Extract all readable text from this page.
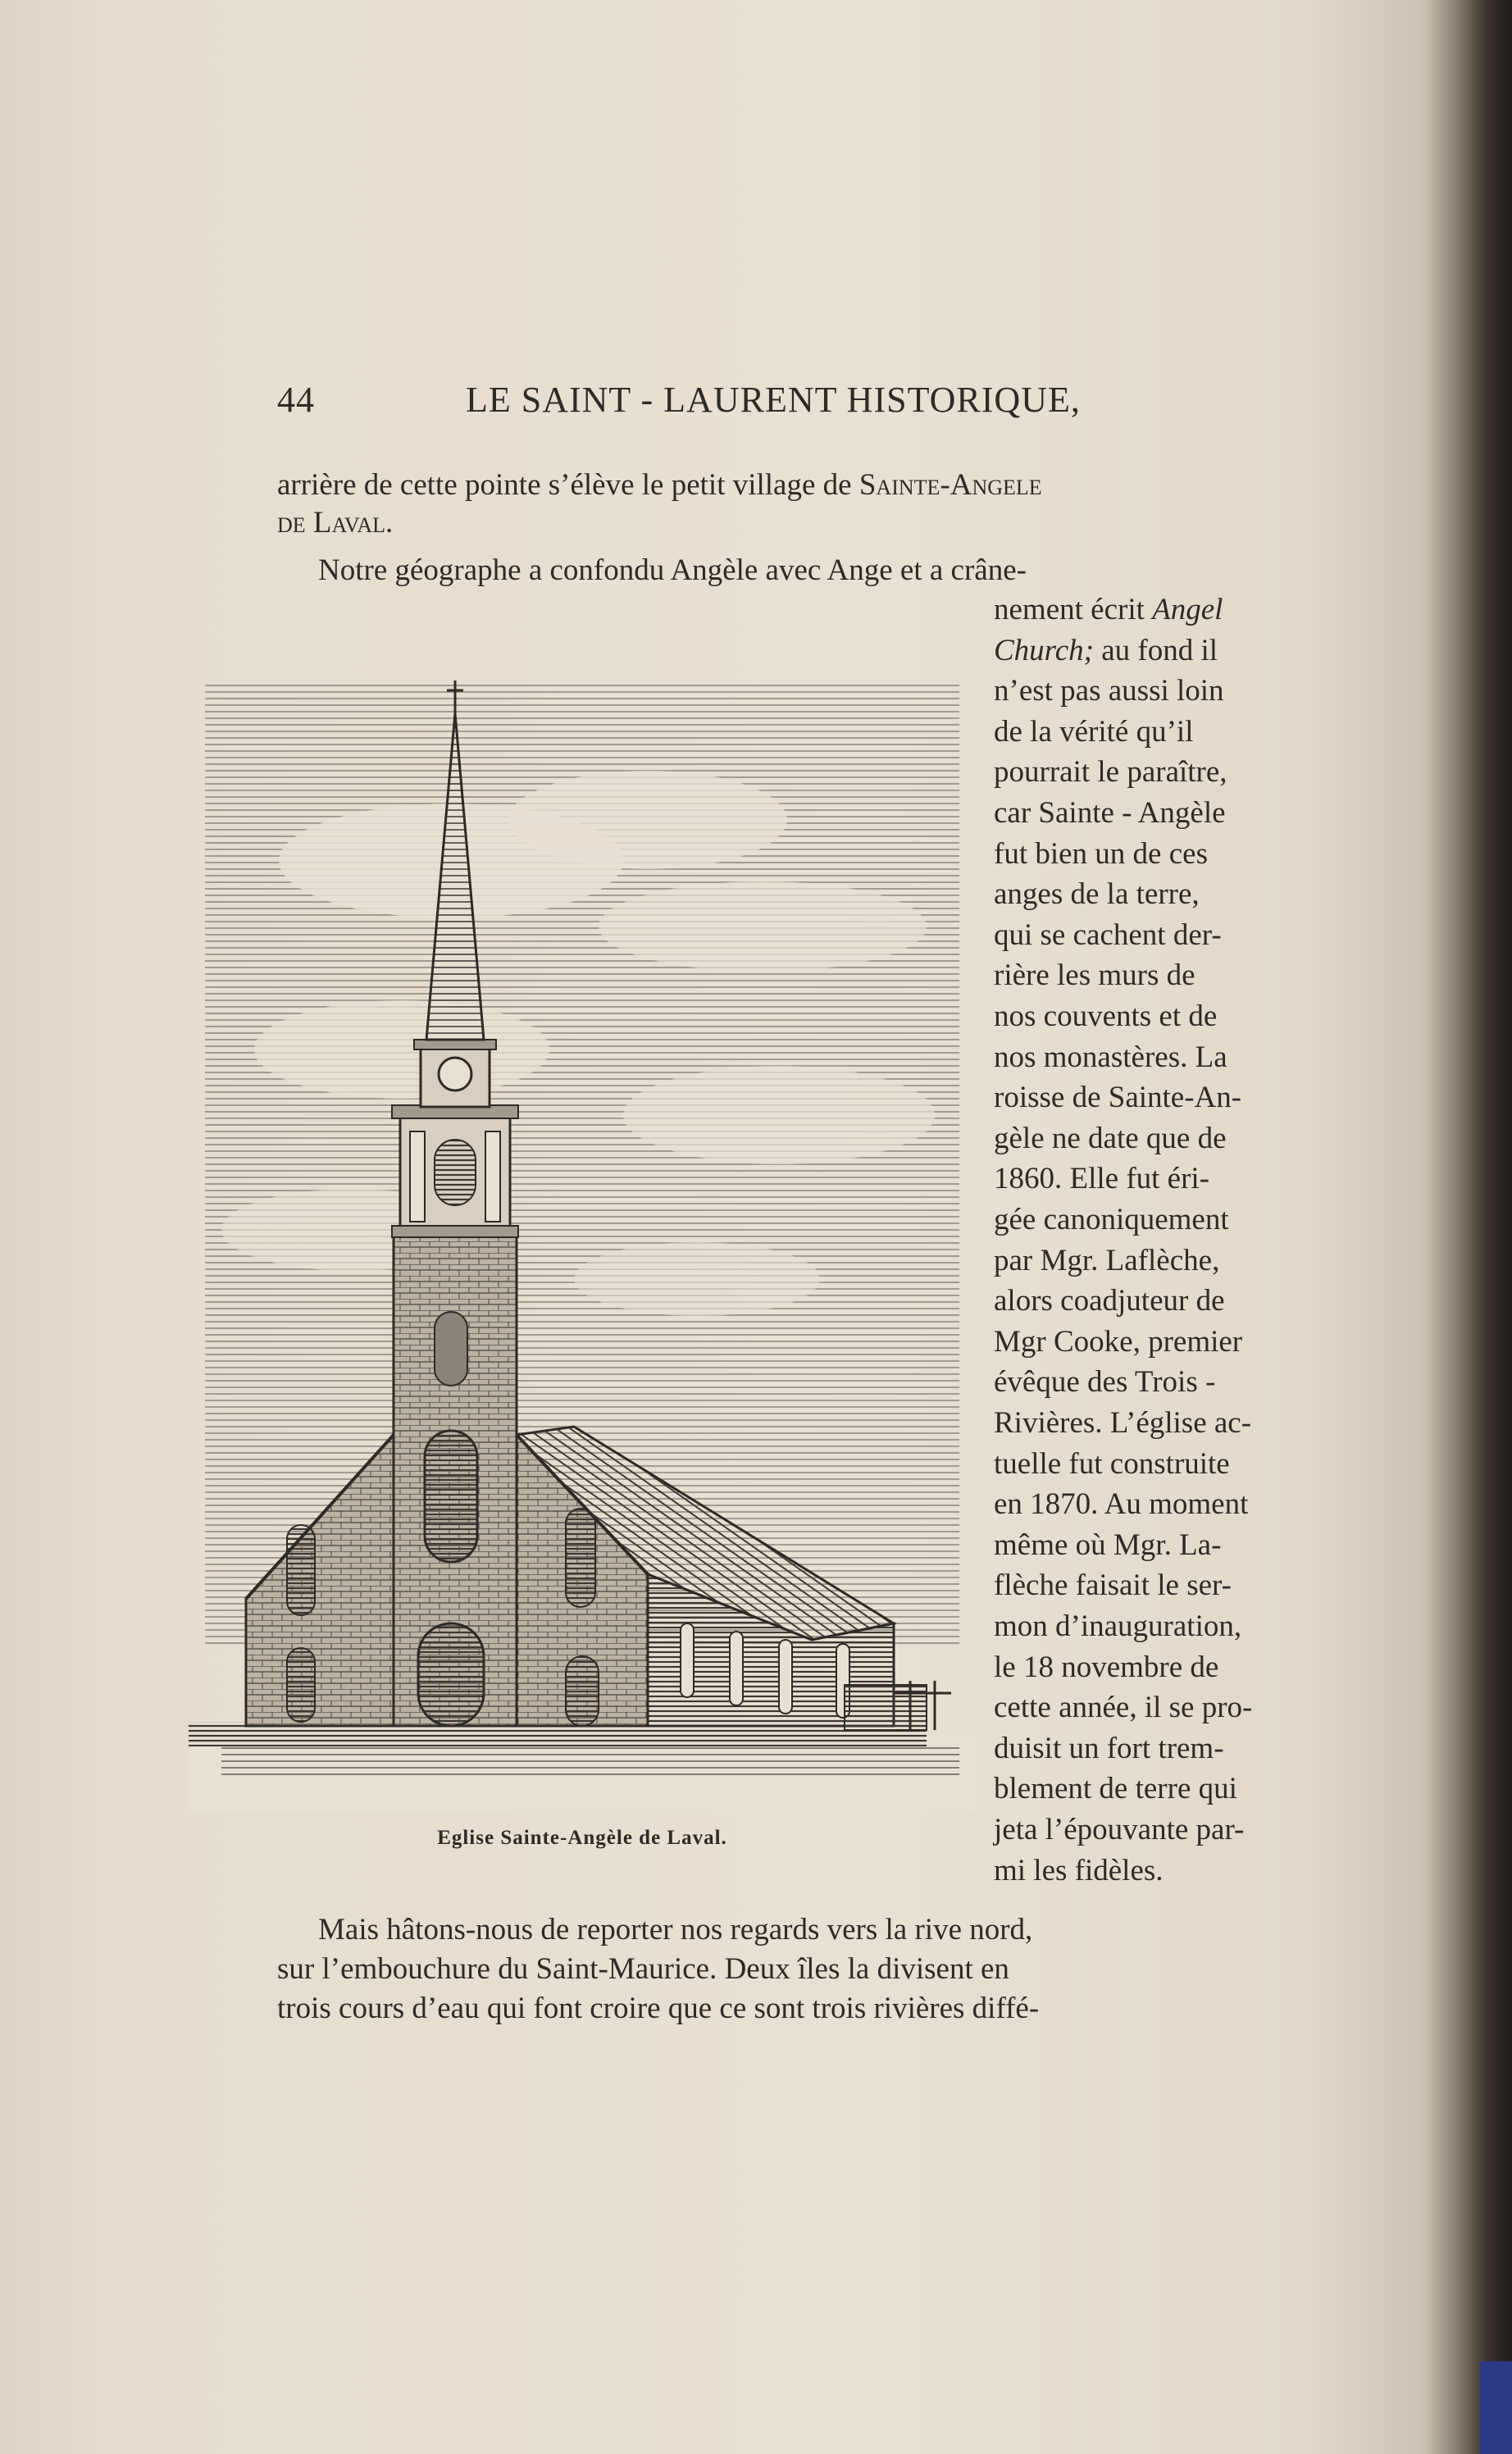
44	LE SAINT - LAURENT HISTORIQUE,
arrière de cette pointe s’élève le petit village de Sainte-Angele
de Laval.
Notre géographe a confondu Angèle avec Ange et a crâne-
nement écrit Angel
Church; au fond il
n’est pas aussi loin
de la vérité qu’il
pourrait le paraître,
car Sainte - Angèle
fut bien un de ces
anges de la terre,
qui se cachent der-
rière les murs de
nos couvents et de
nos monastères. La
roisse de Sainte-An-
gèle ne date que de
1860. Elle fut éri-
gée canoniquement
par Mgr. Laflèche,
alors coadjuteur de
Mgr Cooke, premier
évêque des Trois -
Rivières. L’église ac-
tuelle fut construite
en 1870. Au moment
même où Mgr. La-
flèche faisait le ser-
mon d’inauguration,
le 18 novembre de
cette année, il se pro-
duisit un fort trem-
blement de terre qui
jeta l’épouvante par-
mi les fidèles.
Eglise Sainte-Angèle de Laval.
Mais hâtons-nous de reporter nos regards vers la rive nord,
sur l’embouchure du Saint-Maurice. Deux îles la divisent en
trois cours d’eau qui font croire que ce sont trois rivières diffé-
